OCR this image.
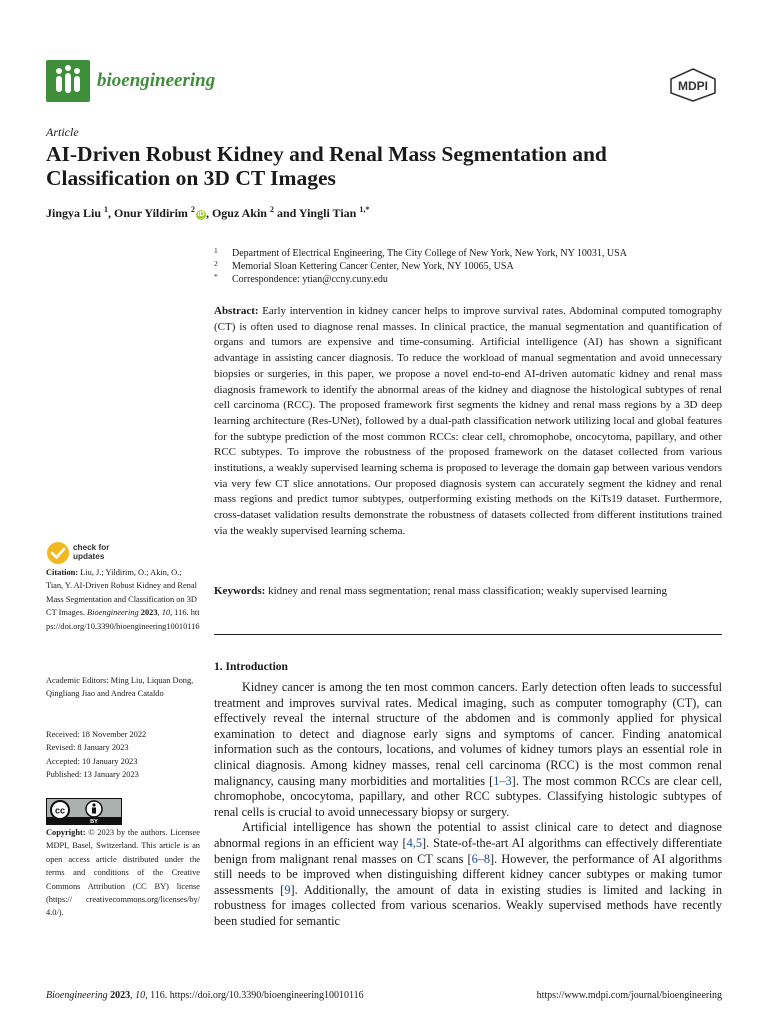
bioengineering	MDPI
Article
AI-Driven Robust Kidney and Renal Mass Segmentation and
Classification on 3D CT Images
Jingya Liu $^1$, Onur Yildirim $^2$iD , Oguz Akin $^2$ and Yingli Tian $^{1,*}$
1 Department of Electrical Engineering, The City College of New York, New York, NY 10031, USA
2 Memorial Sloan Kettering Cancer Center, New York, NY 10065, USA
* Correspondence: ytian@ccny.cuny.edu
Abstract: Early intervention in kidney cancer helps to improve survival rates. Abdominal computed tomography (CT) is often used to diagnose renal masses. In clinical practice, the manual segmentation and quantification of organs and tumors are expensive and time-consuming. Artificial intelligence (AI) has shown a significant advantage in assisting cancer diagnosis. To reduce the workload of manual segmentation and avoid unnecessary biopsies or surgeries, in this paper, we propose a novel end-to-end AI-driven automatic kidney and renal mass diagnosis framework to identify the abnormal areas of the kidney and diagnose the histological subtypes of renal cell carcinoma (RCC). The proposed framework first segments the kidney and renal mass regions by a 3D deep learning architecture (Res-UNet), followed by a dual-path classification network utilizing local and global features for the subtype prediction of the most common RCCs: clear cell, chromophobe, oncocytoma, papillary, and other RCC subtypes. To improve the robustness of the proposed framework on the dataset collected from various institutions, a weakly supervised learning schema is proposed to leverage the domain gap between various vendors via very few CT slice annotations. Our proposed diagnosis system can accurately segment the kidney and renal mass regions and predict tumor subtypes, outperforming existing methods on the KiTs19 dataset. Furthermore, cross-dataset validation results demonstrate the robustness of datasets collected from different institutions trained via the weakly supervised learning schema.
Keywords: kidney and renal mass segmentation; renal mass classification; weakly supervised learning
check for
updates
Citation: Liu, J.; Yildirim, O.; Akin, O.; Tian, Y. AI-Driven Robust Kidney and Renal Mass Segmentation and Classification on 3D CT Images. Bioengineering 2023, 10, 116. https://doi.org/10.3390/bioengineering10010116
Academic Editors: Ming Liu, Liquan Dong, Qingliang Jiao and Andrea Cataldo
Received: 18 November 2022
Revised: 8 January 2023
Accepted: 10 January 2023
Published: 13 January 2023
cc
BY
Copyright: © 2023 by the authors. Licensee MDPI, Basel, Switzerland. This article is an open access article distributed under the terms and conditions of the Creative Commons Attribution (CC BY) license (https:// creativecommons.org/licenses/by/ 4.0/).
1. Introduction

Kidney cancer is among the ten most common cancers. Early detection often leads to successful treatment and improves survival rates. Medical imaging, such as computer tomography (CT), can effectively reveal the internal structure of the abdomen and is commonly applied for physical examination to detect and diagnose early signs and symptoms of cancer. Finding anatomical information such as the contours, locations, and volumes of kidney tumors plays an essential role in clinical diagnosis. Among kidney masses, renal cell carcinoma (RCC) is the most common renal malignancy, causing many morbidities and mortalities [1–3]. The most common RCCs are clear cell, chromophobe, oncocytoma, papillary, and other RCC subtypes. Classifying histologic subtypes of renal cells is crucial to avoid unnecessary biopsy or surgery.

Artificial intelligence has shown the potential to assist clinical care to detect and diagnose abnormal regions in an efficient way [4,5]. State-of-the-art AI algorithms can effectively differentiate benign from malignant renal masses on CT scans [6–8]. However, the performance of AI algorithms still needs to be improved when distinguishing different kidney cancer subtypes or making tumor assessments [9]. Additionally, the amount of data in existing studies is limited and lacking in robustness for images collected from various scenarios. Weakly supervised methods have recently been studied for semantic

Bioengineering 2023, 10, 116. https://doi.org/10.3390/bioengineering10010116	https://www.mdpi.com/journal/bioengineering
